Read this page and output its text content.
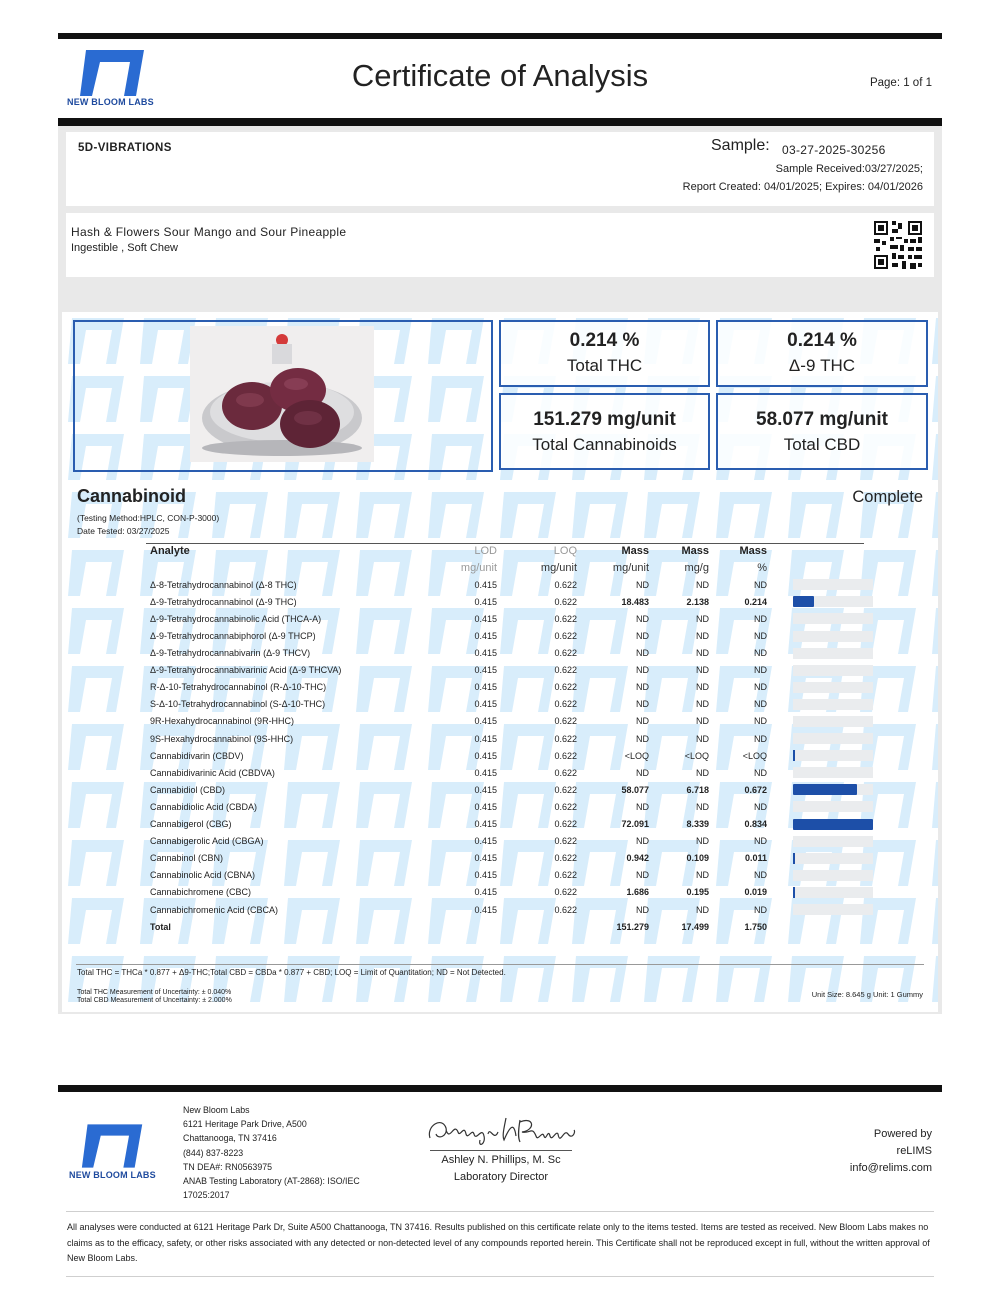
NEW BLOOM LABS
Certificate of Analysis	Page: 1 of 1
5D-VIBRATIONS	Sample: 03-27-2025-30256
Sample Received:03/27/2025;
Report Created: 04/01/2025; Expires: 04/01/2026
Hash & Flowers Sour Mango and Sour Pineapple
Ingestible , Soft Chew
0.214 %
Total THC
0.214 %
Δ-9 THC
151.279 mg/unit
Total Cannabinoids
58.077 mg/unit
Total CBD
Cannabinoid	Complete
(Testing Method:HPLC, CON-P-3000)
Date Tested: 03/27/2025
Analyte	LOD	LOQ	Mass	Mass	Mass	
	mg/unit	mg/unit	mg/unit	mg/g	%	
Δ-8-Tetrahydrocannabinol (Δ-8 THC)	0.415	0.622	ND	ND	ND	

Δ-9-Tetrahydrocannabinol (Δ-9 THC)	0.415	0.622	18.483	2.138	0.214	

Δ-9-Tetrahydrocannabinolic Acid (THCA-A)	0.415	0.622	ND	ND	ND	

Δ-9-Tetrahydrocannabiphorol (Δ-9 THCP)	0.415	0.622	ND	ND	ND	

Δ-9-Tetrahydrocannabivarin (Δ-9 THCV)	0.415	0.622	ND	ND	ND	

Δ-9-Tetrahydrocannabivarinic Acid (Δ-9 THCVA)	0.415	0.622	ND	ND	ND	

R-Δ-10-Tetrahydrocannabinol (R-Δ-10-THC)	0.415	0.622	ND	ND	ND	

S-Δ-10-Tetrahydrocannabinol (S-Δ-10-THC)	0.415	0.622	ND	ND	ND	

9R-Hexahydrocannabinol (9R-HHC)	0.415	0.622	ND	ND	ND	

9S-Hexahydrocannabinol (9S-HHC)	0.415	0.622	ND	ND	ND	

Cannabidivarin (CBDV)	0.415	0.622	<LOQ	<LOQ	<LOQ	

Cannabidivarinic Acid (CBDVA)	0.415	0.622	ND	ND	ND	

Cannabidiol (CBD)	0.415	0.622	58.077	6.718	0.672	

Cannabidiolic Acid (CBDA)	0.415	0.622	ND	ND	ND	

Cannabigerol (CBG)	0.415	0.622	72.091	8.339	0.834	

Cannabigerolic Acid (CBGA)	0.415	0.622	ND	ND	ND	

Cannabinol (CBN)	0.415	0.622	0.942	0.109	0.011	

Cannabinolic Acid (CBNA)	0.415	0.622	ND	ND	ND	

Cannabichromene (CBC)	0.415	0.622	1.686	0.195	0.019	

Cannabichromenic Acid (CBCA)	0.415	0.622	ND	ND	ND	

Total			151.279	17.499	1.750	
Total THC = THCa * 0.877 + Δ9-THC;Total CBD = CBDa * 0.877 + CBD; LOQ = Limit of Quantitation; ND = Not Detected.
Total THC Measurement of Uncertainty: ± 0.040%
Total CBD Measurement of Uncertainty: ± 2.000%
Unit Size: 8.645 g Unit: 1 Gummy
NEW BLOOM LABS
New Bloom Labs
6121 Heritage Park Drive, A500
Chattanooga, TN 37416
(844) 837-8223
TN DEA#: RN0563975
ANAB Testing Laboratory (AT-2868): ISO/IEC
17025:2017
Ashley N. Phillips, M. Sc
Laboratory Director
Powered by
reLIMS
info@relims.com
All analyses were conducted at 6121 Heritage Park Dr, Suite A500 Chattanooga, TN 37416. Results published on this certificate relate only to the items tested. Items are tested as received. New Bloom Labs makes no claims as to the efficacy, safety, or other risks associated with any detected or non-detected level of any compounds reported herein. This Certificate shall not be reproduced except in full, without the written approval of New Bloom Labs.
